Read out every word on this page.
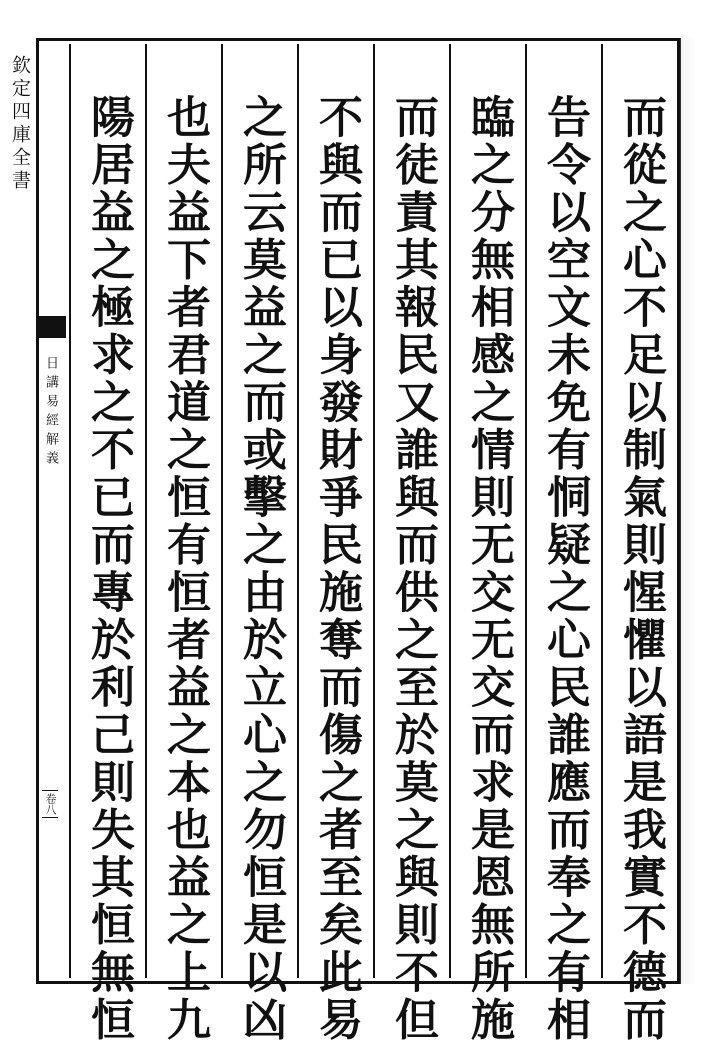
欽定四庫全書
日講易經解義
卷八	而從之心不足以制氣則惺懼以語是我實不德而
告令以空文未免有恫疑之心民誰應而奉之有相
臨之分無相感之情則无交无交而求是恩無所施
而徒責其報民又誰與而供之至於莫之與則不但
不與而已以身發財爭民施奪而傷之者至矣此易
之所云莫益之而或擊之由於立心之勿恒是以凶
也夫益下者君道之恒有恒者益之本也益之上九
陽居益之極求之不已而專於利己則失其恒無恒
